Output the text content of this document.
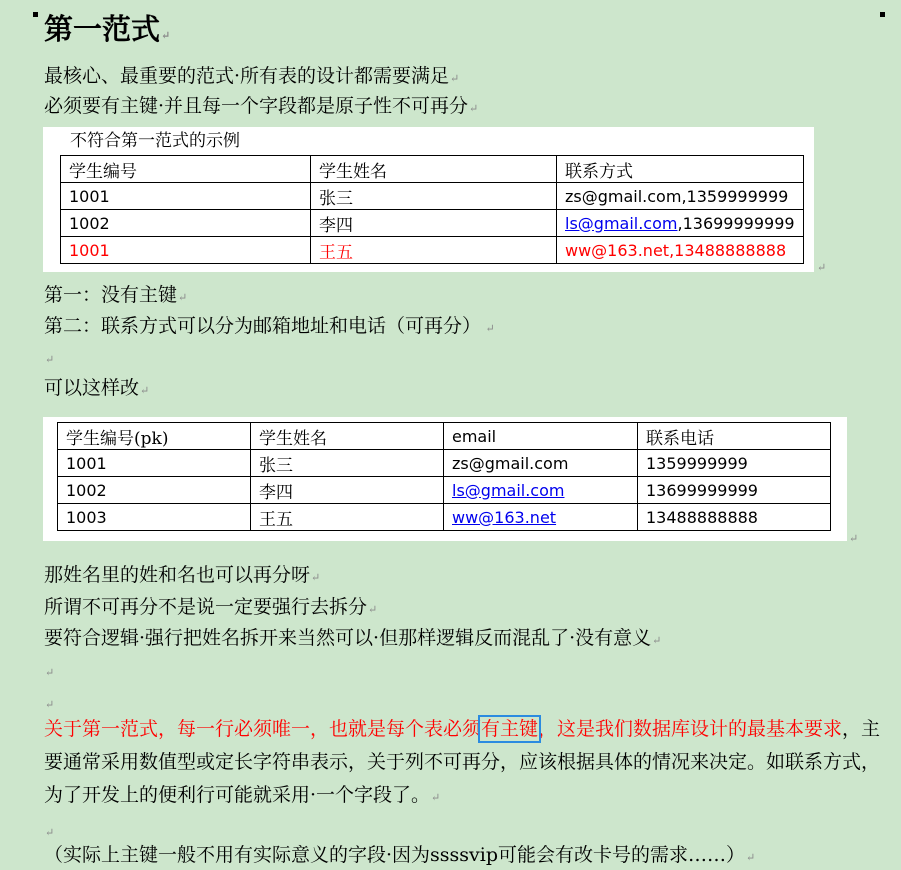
第一范式↵
最核心、最重要的范式·所有表的设计都需要满足↵
必须要有主键·并且每一个字段都是原子性不可再分↵
不符合第一范式的示例
学生编号	学生姓名	联系方式
1001	张三	zs@gmail.com,1359999999
1002	李四	ls@gmail.com,13699999999
1001	王五	ww@163.net,13488888888
↵
第一：没有主键↵
第二：联系方式可以分为邮箱地址和电话（可再分） ↵
↵
可以这样改↵
学生编号(pk)	学生姓名	email	联系电话
1001	张三	zs@gmail.com	1359999999
1002	李四	ls@gmail.com	13699999999
1003	王五	ww@163.net	13488888888
↵
那姓名里的姓和名也可以再分呀↵
所谓不可再分不是说一定要强行去拆分↵
要符合逻辑·强行把姓名拆开来当然可以·但那样逻辑反而混乱了·没有意义↵
↵
↵
关于第一范式，每一行必须唯一，也就是每个表必须有主键，这是我们数据库设计的最基本要求，主要通常采用数值型或定长字符串表示，关于列不可再分，应该根据具体的情况来决定。如联系方式，为了开发上的便利行可能就采用·一个字段了。↵
↵
（实际上主键一般不用有实际意义的字段·因为ssssvip可能会有改卡号的需求……）↵
